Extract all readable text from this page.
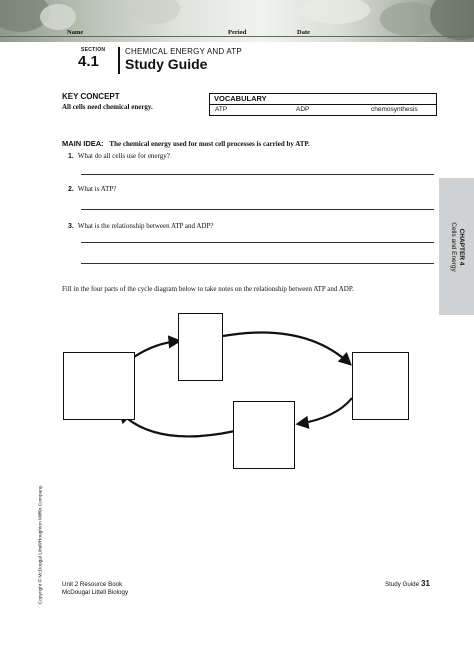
Name	Period	Date
SECTION
4.1
CHEMICAL ENERGY AND ATP
Study Guide
KEY CONCEPT
All cells need chemical energy.
VOCABULARY
ATP	ADP	chemosynthesis
MAIN IDEA: The chemical energy used for most cell processes is carried by ATP.
1. What do all cells use for energy?
2. What is ATP?
3. What is the relationship between ATP and ADP?
CHAPTER 4
Cells and Energy
Fill in the four parts of the cycle diagram below to take notes on the relationship between ATP and ADP.
Copyright © McDougal Littell/Houghton Mifflin Company.	Unit 2 Resource Book
McDougal Littell Biology
Study Guide 31
